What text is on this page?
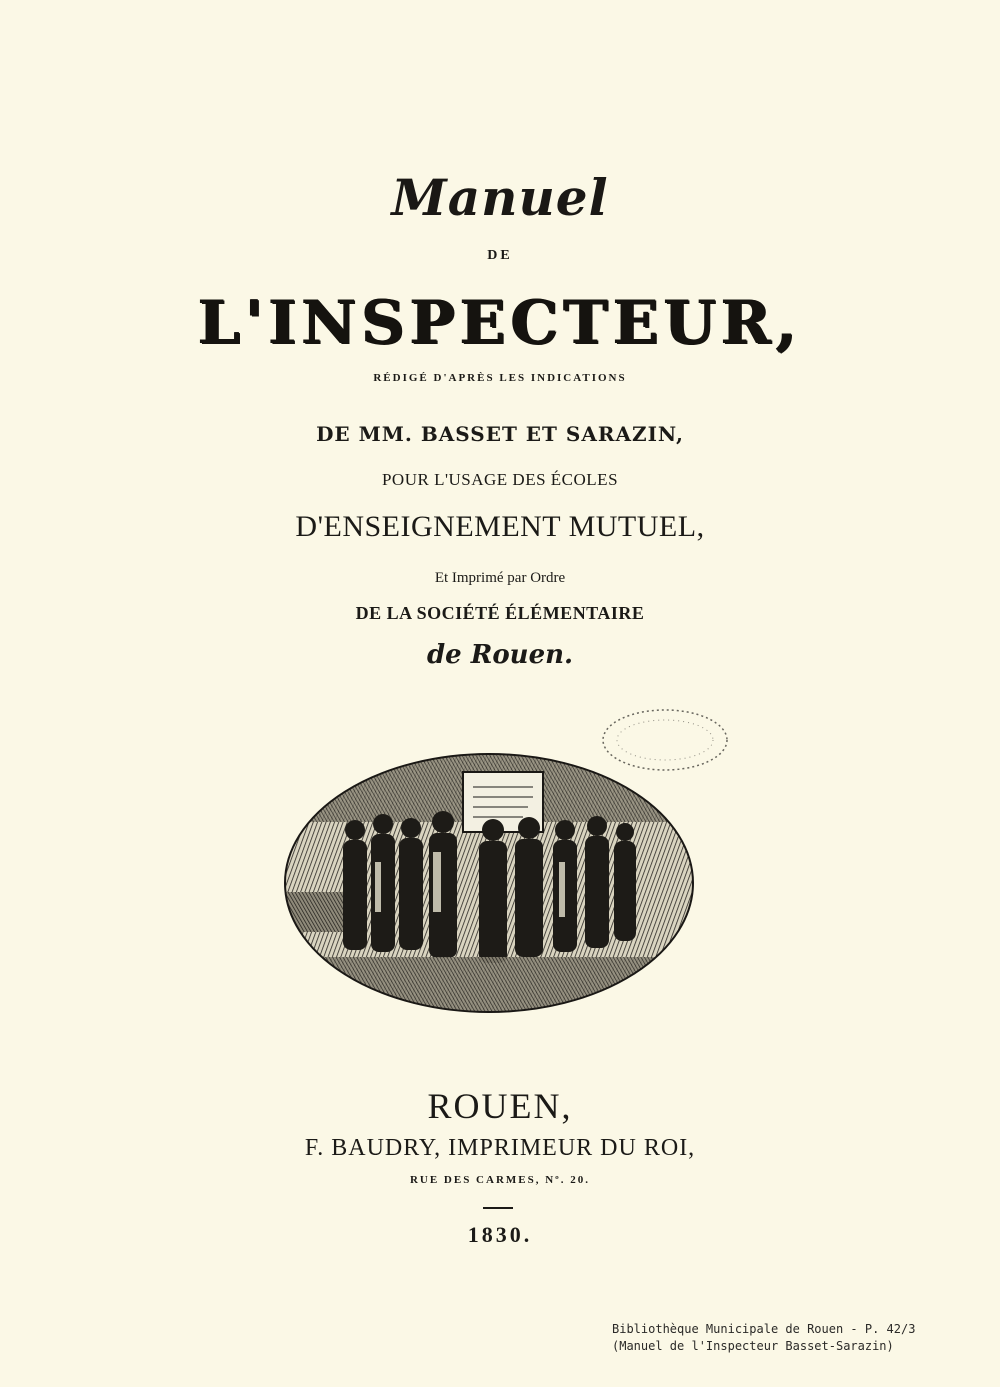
Manuel
DE
L'INSPECTEUR,
RÉDIGÉ D'APRÈS LES INDICATIONS
DE MM. BASSET ET SARAZIN,
POUR L'USAGE DES ÉCOLES
D'ENSEIGNEMENT MUTUEL,
Et Imprimé par Ordre
DE LA SOCIÉTÉ ÉLÉMENTAIRE
de Rouen.
ROUEN,
F. BAUDRY, IMPRIMEUR DU ROI,
RUE DES CARMES, Nº. 20.
1830.
Bibliothèque Municipale de Rouen - P. 42/3
(Manuel de l'Inspecteur Basset-Sarazin)
